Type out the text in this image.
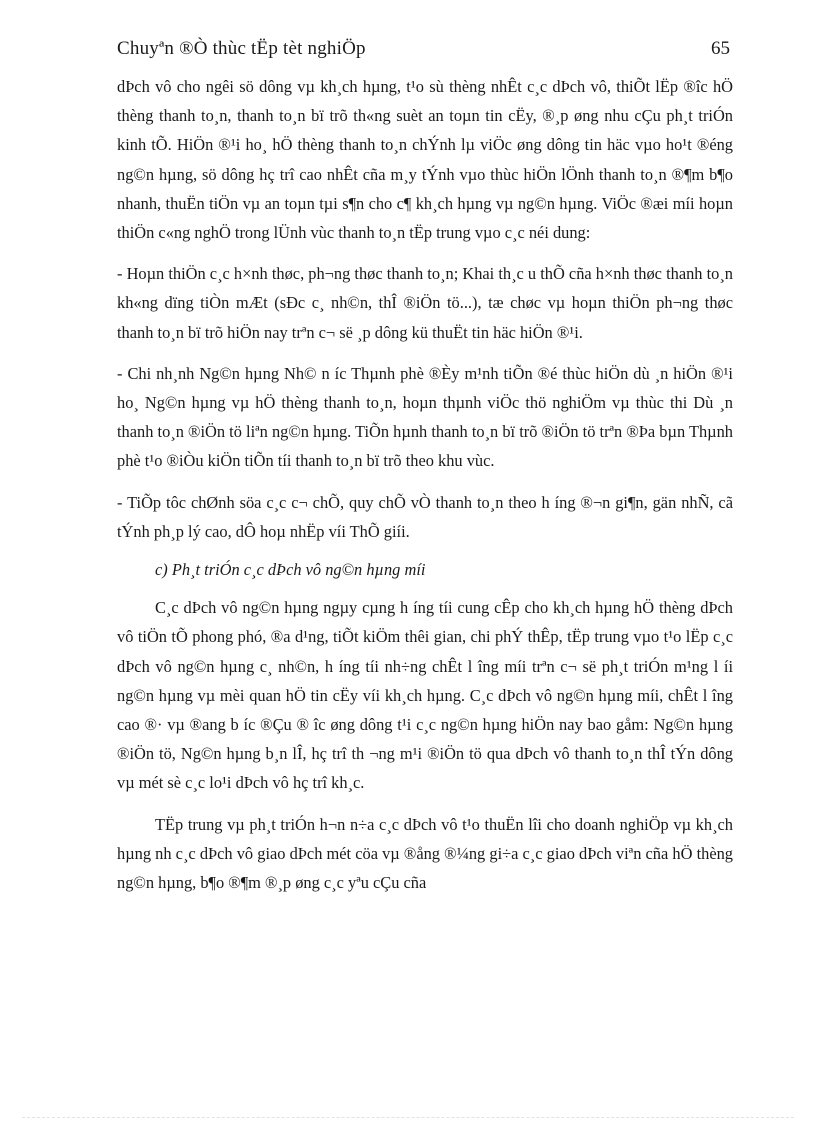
Chuyªn ®Ò thùc tËp tèt nghiÖp	65

dÞch vô cho ngêi sö dông vµ kh¸ch hµng, t¹o sù thèng nhÊt c¸c dÞch vô, thiÕt lËp ®îc hÖ thèng thanh to¸n, thanh to¸n bï trõ th«ng suèt an toµn tin cËy, ®¸p øng nhu cÇu ph¸t triÓn kinh tÕ. HiÖn ®¹i ho¸ hÖ thèng thanh to¸n chÝnh lµ viÖc øng dông tin häc vµo ho¹t ®éng ng©n hµng, sö dông hç trî cao nhÊt cña m¸y tÝnh vµo thùc hiÖn lÖnh thanh to¸n ®¶m b¶o nhanh, thuËn tiÖn vµ an toµn tµi s¶n cho c¶ kh¸ch hµng vµ ng©n hµng. ViÖc ®æi míi hoµn thiÖn c«ng nghÖ trong lÜnh vùc thanh to¸n tËp trung vµo c¸c néi dung:

- Hoµn thiÖn c¸c h×nh thøc, ph¬ng thøc thanh to¸n; Khai th¸c u thÕ cña h×nh thøc thanh to¸n kh«ng dïng tiÒn mÆt (sÐc c¸ nh©n, thÎ ®iÖn tö...), tæ chøc vµ hoµn thiÖn ph¬ng thøc thanh to¸n bï trõ hiÖn nay trªn c¬ së ¸p dông kü thuËt tin häc hiÖn ®¹i.

- Chi nh¸nh Ng©n hµng Nh© n íc Thµnh phè ®Èy m¹nh tiÕn ®é thùc hiÖn dù ¸n hiÖn ®¹i ho¸ Ng©n hµng vµ hÖ thèng thanh to¸n, hoµn thµnh viÖc thö nghiÖm vµ thùc thi Dù ¸n thanh to¸n ®iÖn tö liªn ng©n hµng. TiÕn hµnh thanh to¸n bï trõ ®iÖn tö trªn ®Þa bµn Thµnh phè t¹o ®iÒu kiÖn tiÕn tíi thanh to¸n bï trõ theo khu vùc.

- TiÕp tôc chØnh söa c¸c c¬ chÕ, quy chÕ vÒ thanh to¸n theo h íng ®¬n gi¶n, gän nhÑ, cã tÝnh ph¸p lý cao, dÔ hoµ nhËp víi ThÕ giíi.

c) Ph¸t triÓn c¸c dÞch vô ng©n hµng míi

C¸c dÞch vô ng©n hµng ngµy cµng h íng tíi cung cÊp cho kh¸ch hµng hÖ thèng dÞch vô tiÖn tÕ phong phó, ®a d¹ng, tiÕt kiÖm thêi gian, chi phÝ thÊp, tËp trung vµo t¹o lËp c¸c dÞch vô ng©n hµng c¸ nh©n, h íng tíi nh÷ng chÊt l îng míi trªn c¬ së ph¸t triÓn m¹ng l íi ng©n hµng vµ mèi quan hÖ tin cËy víi kh¸ch hµng. C¸c dÞch vô ng©n hµng míi, chÊt l îng cao ®· vµ ®ang b íc ®Çu ® îc øng dông t¹i c¸c ng©n hµng hiÖn nay bao gåm: Ng©n hµng ®iÖn tö, Ng©n hµng b¸n lÎ, hç trî th ¬ng m¹i ®iÖn tö qua dÞch vô thanh to¸n thÎ tÝn dông vµ mét sè c¸c lo¹i dÞch vô hç trî kh¸c.

TËp trung vµ ph¸t triÓn h¬n n÷a c¸c dÞch vô t¹o thuËn lîi cho doanh nghiÖp vµ kh¸ch hµng nh c¸c dÞch vô giao dÞch mét cöa vµ ®ång ®¼ng gi÷a c¸c giao dÞch viªn cña hÖ thèng ng©n hµng, b¶o ®¶m ®¸p øng c¸c yªu cÇu cña
